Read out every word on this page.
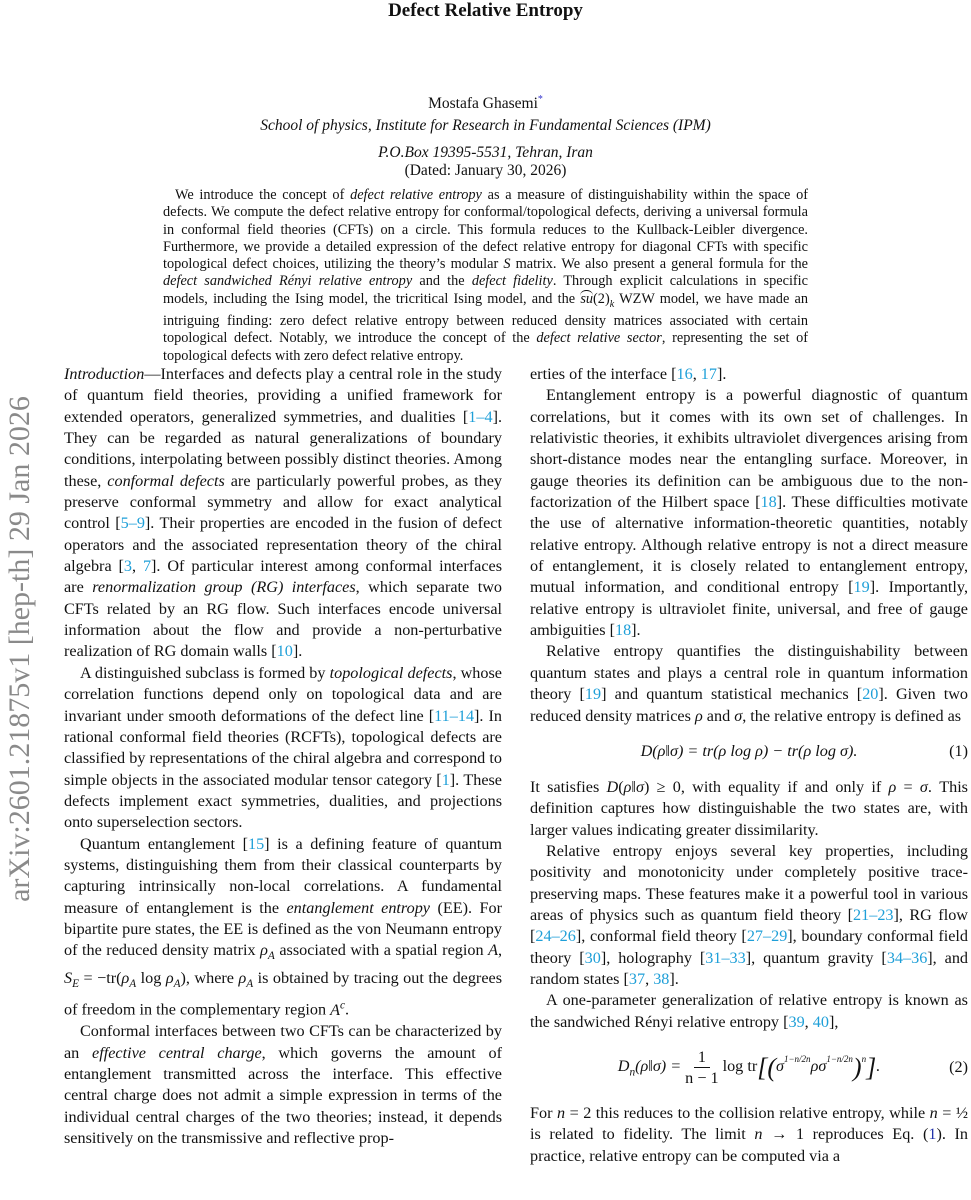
arXiv:2601.21875v1 [hep-th] 29 Jan 2026
Defect Relative Entropy
Mostafa Ghasemi*
School of physics, Institute for Research in Fundamental Sciences (IPM)
P.O.Box 19395-5531, Tehran, Iran
(Dated: January 30, 2026)
We introduce the concept of defect relative entropy as a measure of distinguishability within the space of defects. We compute the defect relative entropy for conformal/topological defects, deriving a universal formula in conformal field theories (CFTs) on a circle. This formula reduces to the Kullback-Leibler divergence. Furthermore, we provide a detailed expression of the defect relative entropy for diagonal CFTs with specific topological defect choices, utilizing the theory’s modular S matrix. We also present a general formula for the defect sandwiched Rényi relative entropy and the defect fidelity. Through explicit calculations in specific models, including the Ising model, the tricritical Ising model, and the $su(2)_k$ WZW model, we have made an intriguing finding: zero defect relative entropy between reduced density matrices associated with certain topological defect. Notably, we introduce the concept of the defect relative sector, representing the set of topological defects with zero defect relative entropy.

Introduction—Interfaces and defects play a central role in the study of quantum field theories, providing a unified framework for extended operators, generalized symmetries, and dualities [1–4]. They can be regarded as natural generalizations of boundary conditions, interpolating between possibly distinct theories. Among these, conformal defects are particularly powerful probes, as they preserve conformal symmetry and allow for exact analytical control [5–9]. Their properties are encoded in the fusion of defect operators and the associated representation theory of the chiral algebra [3, 7]. Of particular interest among conformal interfaces are renormalization group (RG) interfaces, which separate two CFTs related by an RG flow. Such interfaces encode universal information about the flow and provide a non-perturbative realization of RG domain walls [10].

A distinguished subclass is formed by topological defects, whose correlation functions depend only on topological data and are invariant under smooth deformations of the defect line [11–14]. In rational conformal field theories (RCFTs), topological defects are classified by representations of the chiral algebra and correspond to simple objects in the associated modular tensor category [1]. These defects implement exact symmetries, dualities, and projections onto superselection sectors.

Quantum entanglement [15] is a defining feature of quantum systems, distinguishing them from their classical counterparts by capturing intrinsically non-local correlations. A fundamental measure of entanglement is the entanglement entropy (EE). For bipartite pure states, the EE is defined as the von Neumann entropy of the reduced density matrix $\rho_A$ associated with a spatial region A, $S_E = -tr(\rho_A$ $\log \rho_A$), where $\rho_A$ is obtained by tracing out the degrees of freedom in the complementary region $A^c$.

Conformal interfaces between two CFTs can be characterized by an effective central charge, which governs the amount of entanglement transmitted across the interface. This effective central charge does not admit a simple expression in terms of the individual central charges of the two theories; instead, it depends sensitively on the transmissive and reflective prop-

erties of the interface [16, 17].

Entanglement entropy is a powerful diagnostic of quantum correlations, but it comes with its own set of challenges. In relativistic theories, it exhibits ultraviolet divergences arising from short-distance modes near the entangling surface. Moreover, in gauge theories its definition can be ambiguous due to the non-factorization of the Hilbert space [18]. These difficulties motivate the use of alternative information-theoretic quantities, notably relative entropy. Although relative entropy is not a direct measure of entanglement, it is closely related to entanglement entropy, mutual information, and conditional entropy [19]. Importantly, relative entropy is ultraviolet finite, universal, and free of gauge ambiguities [18].

Relative entropy quantifies the distinguishability between quantum states and plays a central role in quantum information theory [19] and quantum statistical mechanics [20]. Given two reduced density matrices ρ and σ, the relative entropy is defined as

D(ρ‖σ) = tr(ρ log ρ) − tr(ρ log σ).	(1)

It satisfies D(ρ‖σ) ≥ 0, with equality if and only if ρ = σ. This definition captures how distinguishable the two states are, with larger values indicating greater dissimilarity.

Relative entropy enjoys several key properties, including positivity and monotonicity under completely positive trace-preserving maps. These features make it a powerful tool in various areas of physics such as quantum field theory [21–23], RG flow [24–26], conformal field theory [27–29], boundary conformal field theory [30], holography [31–33], quantum gravity [34–36], and random states [37, 38].

A one-parameter generalization of relative entropy is known as the sandwiched Rényi relative entropy [39, 40],

$D_n(\rho‖\sigma) = \frac{1}{n - 1}$ $\log tr[(\sigma^{1-n/2n}\rho\sigma^{1-n/2n})^n]$.	(2)

For n = 2 this reduces to the collision relative entropy, while n = ½ is related to fidelity. The limit n → 1 reproduces Eq. (1). In practice, relative entropy can be computed via a
